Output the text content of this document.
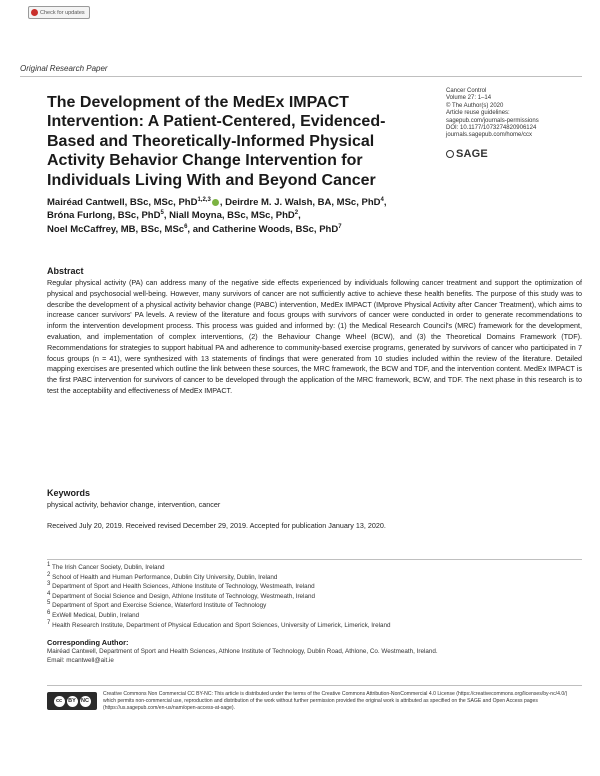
Check for updates
Original Research Paper
The Development of the MedEx IMPACT Intervention: A Patient-Centered, Evidenced-Based and Theoretically-Informed Physical Activity Behavior Change Intervention for Individuals Living With and Beyond Cancer
Cancer Control
Volume 27: 1–14
© The Author(s) 2020
Article reuse guidelines:
sagepub.com/journals-permissions
DOI: 10.1177/1073274820906124
journals.sagepub.com/home/ccx
SAGE
Mairéad Cantwell, BSc, MSc, PhD$^{1,2,3}$ , Deirdre M. J. Walsh, BA, MSc, PhD$^4$,
Bróna Furlong, BSc, PhD$^5$, Niall Moyna, BSc, MSc, PhD$^2$,
Noel McCaffrey, MB, BSc, MSc$^6$, and Catherine Woods, BSc, PhD$^7$
Abstract

Regular physical activity (PA) can address many of the negative side effects experienced by individuals following cancer treatment and support the optimization of physical and psychosocial well-being. However, many survivors of cancer are not sufficiently active to achieve these health benefits. The purpose of this study was to describe the development of a physical activity behavior change (PABC) intervention, MedEx IMPACT (IMprove Physical Activity after Cancer Treatment), which aims to increase cancer survivors' PA levels. A review of the literature and focus groups with survivors of cancer were conducted in order to generate recommendations to inform the intervention development process. This process was guided and informed by: (1) the Medical Research Council's (MRC) framework for the development, evaluation, and implementation of complex interventions, (2) the Behaviour Change Wheel (BCW), and (3) the Theoretical Domains Framework (TDF). Recommendations for strategies to support habitual PA and adherence to community-based exercise programs, generated by survivors of cancer who participated in 7 focus groups (n = 41), were synthesized with 13 statements of findings that were generated from 10 studies included within the review of the literature. Detailed mapping exercises are presented which outline the link between these sources, the MRC framework, the BCW and TDF, and the intervention content. MedEx IMPACT is the first PABC intervention for survivors of cancer to be developed through the application of the MRC framework, BCW, and TDF. The next phase in this research is to test the acceptability and effectiveness of MedEx IMPACT.

Keywords
physical activity, behavior change, intervention, cancer
Received July 20, 2019. Received revised December 29, 2019. Accepted for publication January 13, 2020.
$^1$ The Irish Cancer Society, Dublin, Ireland
$^2$ School of Health and Human Performance, Dublin City University, Dublin, Ireland
$^3$ Department of Sport and Health Sciences, Athlone Institute of Technology, Westmeath, Ireland
$^4$ Department of Social Science and Design, Athlone Institute of Technology, Westmeath, Ireland
$^5$ Department of Sport and Exercise Science, Waterford Institute of Technology
$^6$ ExWell Medical, Dublin, Ireland
$^7$ Health Research Institute, Department of Physical Education and Sport Sciences, University of Limerick, Limerick, Ireland
Corresponding Author:
Mairéad Cantwell, Department of Sport and Health Sciences, Athlone Institute of Technology, Dublin Road, Athlone, Co. Westmeath, Ireland.
Email: mcantwell@ait.ie
cc	BY NC
Creative Commons Non Commercial CC BY-NC: This article is distributed under the terms of the Creative Commons Attribution-NonCommercial 4.0 License (https://creativecommons.org/licenses/by-nc/4.0/) which permits non-commercial use, reproduction and distribution of the work without further permission provided the original work is attributed as specified on the SAGE and Open Access pages (https://us.sagepub.com/en-us/nam/open-access-at-sage).
